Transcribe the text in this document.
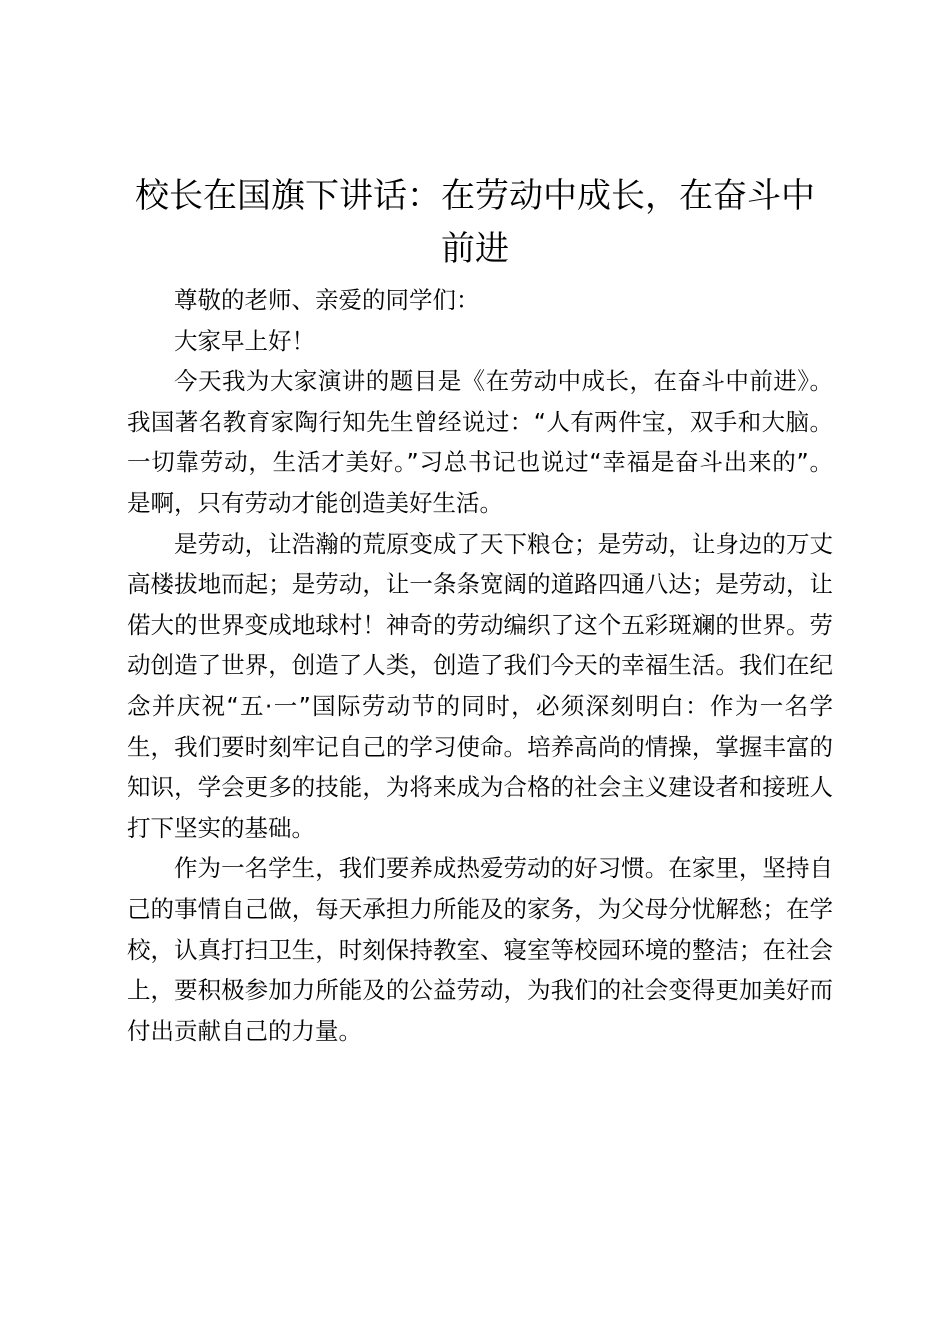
校长在国旗下讲话：在劳动中成长，在奋斗中
前进

尊敬的老师、亲爱的同学们：

大家早上好！

今天我为大家演讲的题目是《在劳动中成长，在奋斗中前进》。我国著名教育家陶行知先生曾经说过：“人有两件宝，双手和大脑。一切靠劳动，生活才美好。”习总书记也说过“幸福是奋斗出来的”。是啊，只有劳动才能创造美好生活。

是劳动，让浩瀚的荒原变成了天下粮仓；是劳动，让身边的万丈高楼拔地而起；是劳动，让一条条宽阔的道路四通八达；是劳动，让偌大的世界变成地球村！神奇的劳动编织了这个五彩斑斓的世界。劳动创造了世界，创造了人类，创造了我们今天的幸福生活。我们在纪念并庆祝“五·一”国际劳动节的同时，必须深刻明白：作为一名学生，我们要时刻牢记自己的学习使命。培养高尚的情操，掌握丰富的知识，学会更多的技能，为将来成为合格的社会主义建设者和接班人打下坚实的基础。

作为一名学生，我们要养成热爱劳动的好习惯。在家里，坚持自己的事情自己做，每天承担力所能及的家务，为父母分忧解愁；在学校，认真打扫卫生，时刻保持教室、寝室等校园环境的整洁；在社会上，要积极参加力所能及的公益劳动，为我们的社会变得更加美好而付出贡献自己的力量。
